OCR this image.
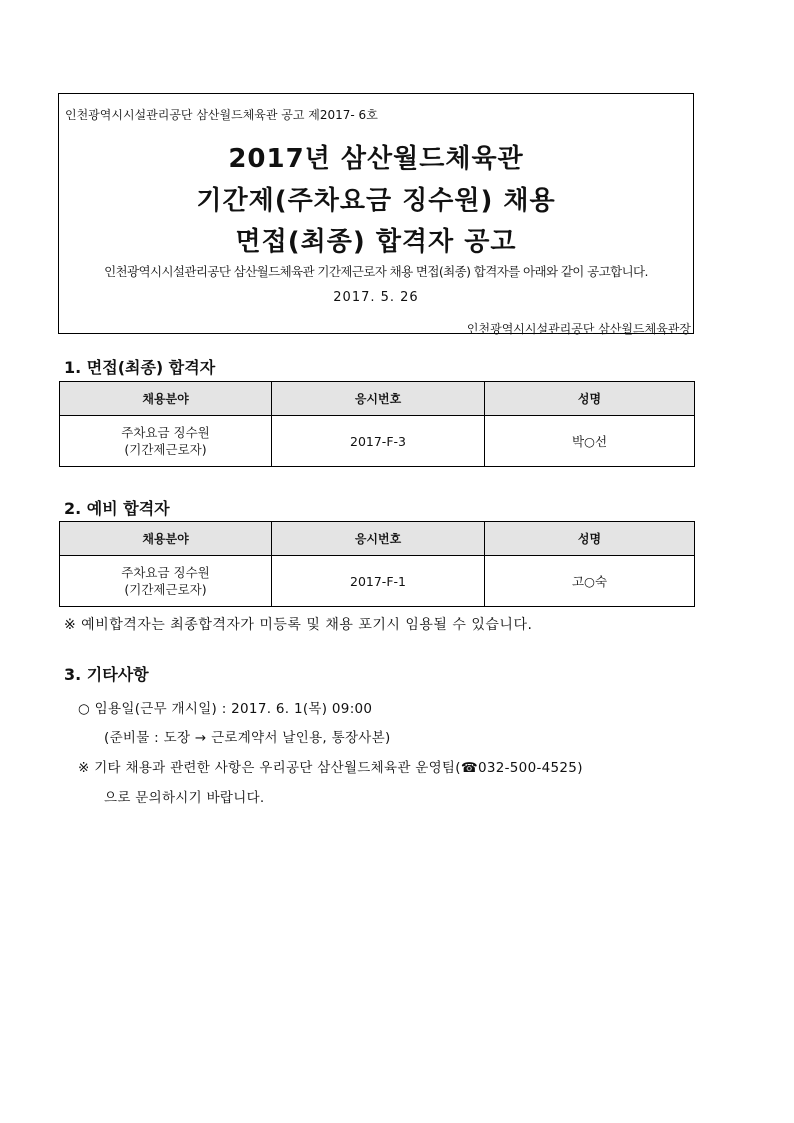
인천광역시시설관리공단 삼산월드체육관 공고 제2017- 6호
2017년 삼산월드체육관
기간제(주차요금 징수원) 채용
면접(최종) 합격자 공고
인천광역시시설관리공단 삼산월드체육관 기간제근로자 채용 면접(최종) 합격자를 아래와 같이 공고합니다.
2017. 5. 26
인천광역시시설관리공단 삼산월드체육관장
1. 면접(최종) 합격자
채용분야	응시번호	성명

주차요금 징수원
(기간제근로자)	2017-F-3	박○선
2. 예비 합격자
채용분야	응시번호	성명

주차요금 징수원
(기간제근로자)	2017-F-1	고○숙
※ 예비합격자는 최종합격자가 미등록 및 채용 포기시 임용될 수 있습니다.
3. 기타사항
○ 임용일(근무 개시일) : 2017. 6. 1(목) 09:00
(준비물 : 도장 → 근로계약서 날인용, 통장사본)
※ 기타 채용과 관련한 사항은 우리공단 삼산월드체육관 운영팀(☎032-500-4525)
으로 문의하시기 바랍니다.
